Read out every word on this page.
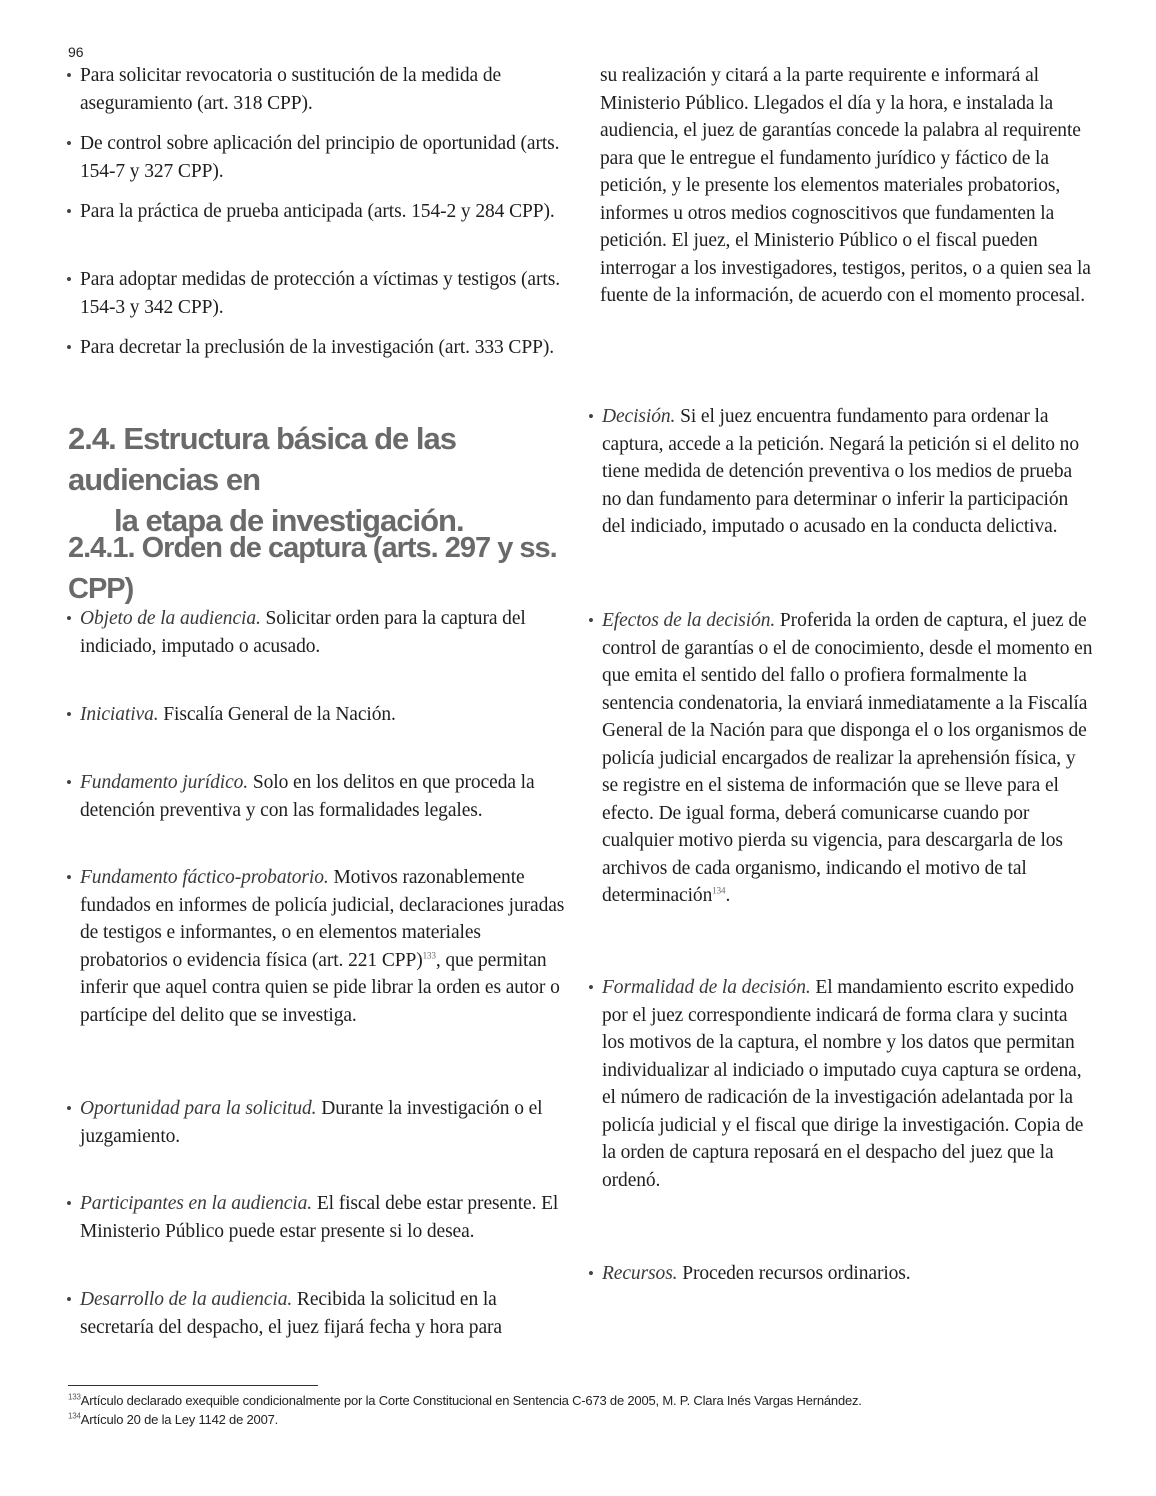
96
• Para solicitar revocatoria o sustitución de la medida de aseguramiento (art. 318 CPP).
• De control sobre aplicación del principio de oportunidad (arts. 154-7 y 327 CPP).
• Para la práctica de prueba anticipada (arts. 154-2 y 284 CPP).
• Para adoptar medidas de protección a víctimas y testigos (arts. 154-3 y 342 CPP).
• Para decretar la preclusión de la investigación (art. 333 CPP).
2.4. Estructura básica de las audiencias en
la etapa de investigación.
2.4.1. Orden de captura (arts. 297 y ss. CPP)
• Objeto de la audiencia. Solicitar orden para la captura del indiciado, imputado o acusado.
• Iniciativa. Fiscalía General de la Nación.
• Fundamento jurídico. Solo en los delitos en que proceda la detención preventiva y con las formalidades legales.
• Fundamento fáctico-probatorio. Motivos razonablemente fundados en informes de policía judicial, declaraciones juradas de testigos e informantes, o en elementos materiales probatorios o evidencia física (art. 221 CPP)$^{133}$, que permitan inferir que aquel contra quien se pide librar la orden es autor o partícipe del delito que se investiga.
• Oportunidad para la solicitud. Durante la investigación o el juzgamiento.
• Participantes en la audiencia. El fiscal debe estar presente. El Ministerio Público puede estar presente si lo desea.
• Desarrollo de la audiencia. Recibida la solicitud en la secretaría del despacho, el juez fijará fecha y hora para
su realización y citará a la parte requirente e informará al Ministerio Público. Llegados el día y la hora, e instalada la audiencia, el juez de garantías concede la palabra al requirente para que le entregue el fundamento jurídico y fáctico de la petición, y le presente los elementos materiales probatorios, informes u otros medios cognoscitivos que fundamenten la petición. El juez, el Ministerio Público o el fiscal pueden interrogar a los investigadores, testigos, peritos, o a quien sea la fuente de la información, de acuerdo con el momento procesal.
• Decisión. Si el juez encuentra fundamento para ordenar la captura, accede a la petición. Negará la petición si el delito no tiene medida de detención preventiva o los medios de prueba no dan fundamento para determinar o inferir la participación del indiciado, imputado o acusado en la conducta delictiva.
• Efectos de la decisión. Proferida la orden de captura, el juez de control de garantías o el de conocimiento, desde el momento en que emita el sentido del fallo o profiera formalmente la sentencia condenatoria, la enviará inmediatamente a la Fiscalía General de la Nación para que disponga el o los organismos de policía judicial encargados de realizar la aprehensión física, y se registre en el sistema de información que se lleve para el efecto. De igual forma, deberá comunicarse cuando por cualquier motivo pierda su vigencia, para descargarla de los archivos de cada organismo, indicando el motivo de tal determinación$^{134}$.
• Formalidad de la decisión. El mandamiento escrito expedido por el juez correspondiente indicará de forma clara y sucinta los motivos de la captura, el nombre y los datos que permitan individualizar al indiciado o imputado cuya captura se ordena, el número de radicación de la investigación adelantada por la policía judicial y el fiscal que dirige la investigación. Copia de la orden de captura reposará en el despacho del juez que la ordenó.
• Recursos. Proceden recursos ordinarios.
$^{133}$Artículo declarado exequible condicionalmente por la Corte Constitucional en Sentencia C-673 de 2005, M. P. Clara Inés Vargas Hernández.
$^{134}$Artículo 20 de la Ley 1142 de 2007.
